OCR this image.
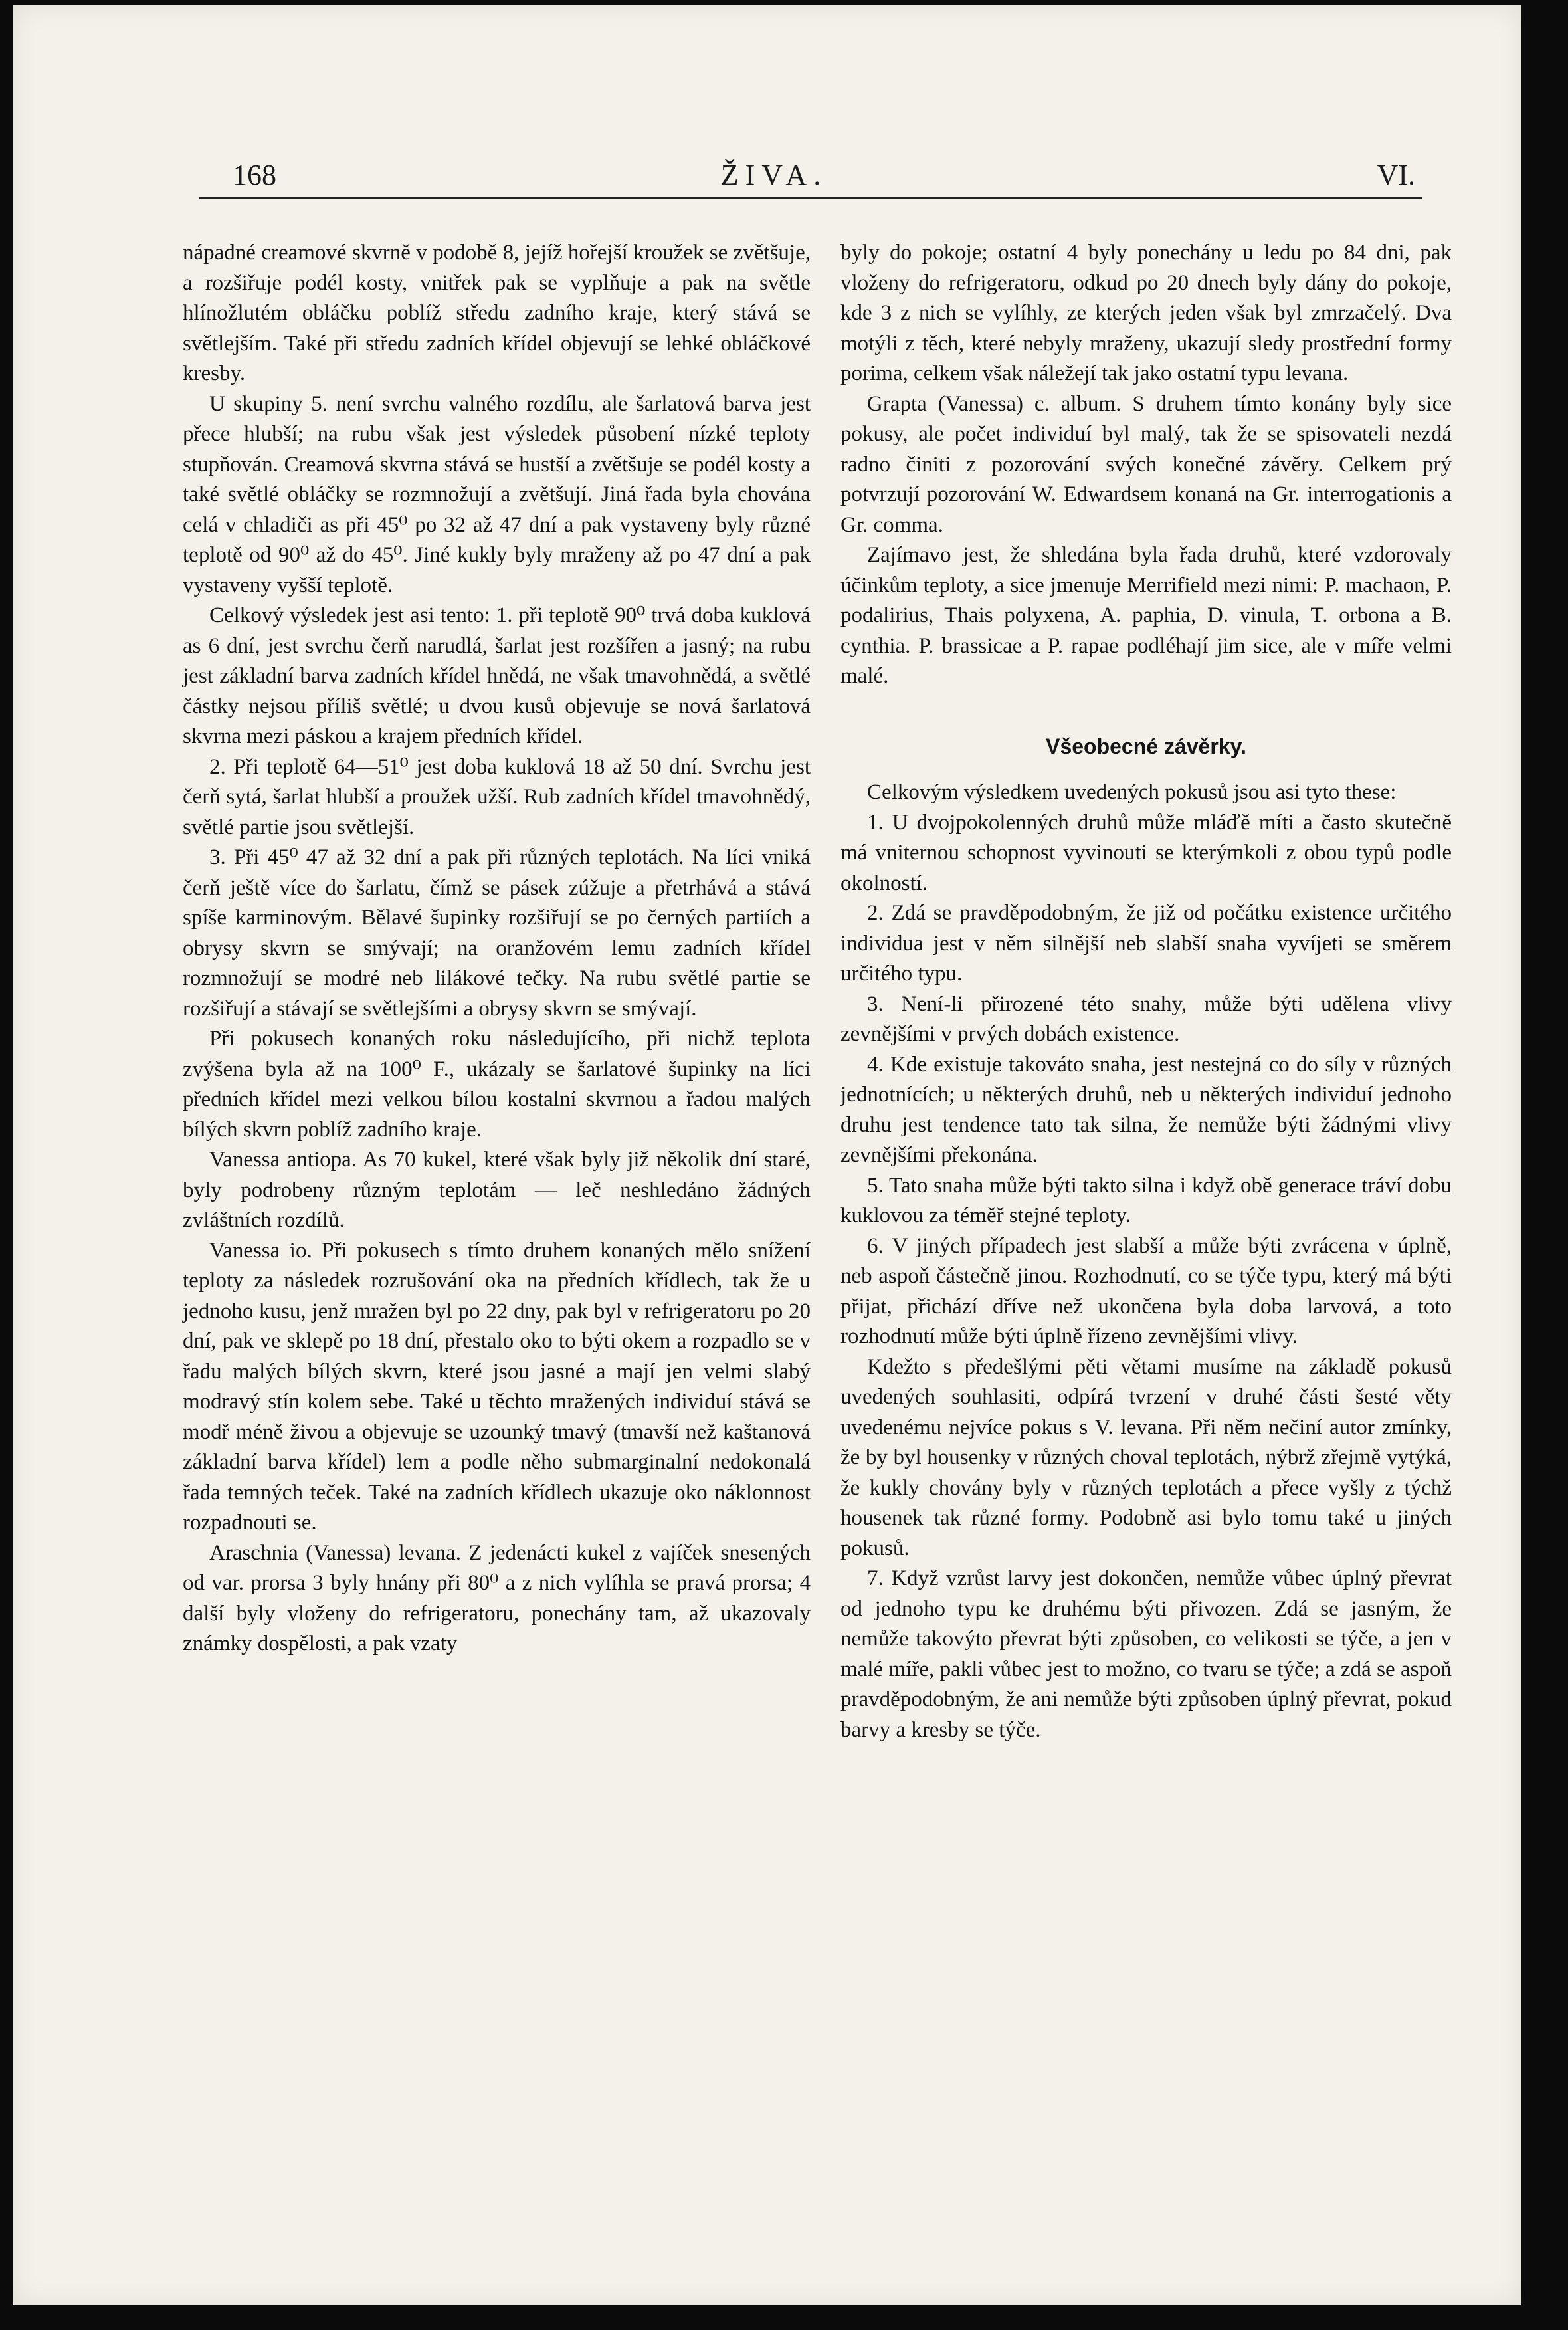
168	ŽIVA.	VI.

nápadné creamové skvrně v podobě 8, jejíž hořejší kroužek se zvětšuje, a rozšiřuje podél kosty, vnitřek pak se vyplňuje a pak na světle hlínožlutém obláčku poblíž středu zadního kraje, který stává se světlejším. Také při středu zadních křídel objevují se lehké obláčkové kresby.

U skupiny 5. není svrchu valného rozdílu, ale šarlatová barva jest přece hlubší; na rubu však jest výsledek působení nízké teploty stupňován. Creamová skvrna stává se hustší a zvětšuje se podél kosty a také světlé obláčky se rozmnožují a zvětšují. Jiná řada byla chována celá v chladiči as při 45⁰ po 32 až 47 dní a pak vystaveny byly různé teplotě od 90⁰ až do 45⁰. Jiné kukly byly mraženy až po 47 dní a pak vystaveny vyšší teplotě.

Celkový výsledek jest asi tento: 1. při teplotě 90⁰ trvá doba kuklová as 6 dní, jest svrchu čerň narudlá, šarlat jest rozšířen a jasný; na rubu jest základní barva zadních křídel hnědá, ne však tmavohnědá, a světlé částky nejsou příliš světlé; u dvou kusů objevuje se nová šarlatová skvrna mezi páskou a krajem předních křídel.

2. Při teplotě 64—51⁰ jest doba kuklová 18 až 50 dní. Svrchu jest čerň sytá, šarlat hlubší a proužek užší. Rub zadních křídel tmavohnědý, světlé partie jsou světlejší.

3. Při 45⁰ 47 až 32 dní a pak při různých teplotách. Na líci vniká čerň ještě více do šarlatu, čímž se pásek zúžuje a přetrhává a stává spíše karminovým. Bělavé šupinky rozšiřují se po černých partiích a obrysy skvrn se smývají; na oranžovém lemu zadních křídel rozmnožují se modré neb lilákové tečky. Na rubu světlé partie se rozšiřují a stávají se světlejšími a obrysy skvrn se smývají.

Při pokusech konaných roku následujícího, při nichž teplota zvýšena byla až na 100⁰ F., ukázaly se šarlatové šupinky na líci předních křídel mezi velkou bílou kostalní skvrnou a řadou malých bílých skvrn poblíž zadního kraje.

Vanessa antiopa. As 70 kukel, které však byly již několik dní staré, byly podrobeny různým teplotám — leč neshledáno žádných zvláštních rozdílů.

Vanessa io. Při pokusech s tímto druhem konaných mělo snížení teploty za následek rozrušování oka na předních křídlech, tak že u jednoho kusu, jenž mražen byl po 22 dny, pak byl v refrigeratoru po 20 dní, pak ve sklepě po 18 dní, přestalo oko to býti okem a rozpadlo se v řadu malých bílých skvrn, které jsou jasné a mají jen velmi slabý modravý stín kolem sebe. Také u těchto mražených individuí stává se modř méně živou a objevuje se uzounký tmavý (tmavší než kaštanová základní barva křídel) lem a podle něho submarginalní nedokonalá řada temných teček. Také na zadních křídlech ukazuje oko náklonnost rozpadnouti se.

Araschnia (Vanessa) levana. Z jedenácti kukel z vajíček snesených od var. prorsa 3 byly hnány při 80⁰ a z nich vylíhla se pravá prorsa; 4 další byly vloženy do refrigeratoru, ponechány tam, až ukazovaly známky dospělosti, a pak vzaty

byly do pokoje; ostatní 4 byly ponechány u ledu po 84 dni, pak vloženy do refrigeratoru, odkud po 20 dnech byly dány do pokoje, kde 3 z nich se vylíhly, ze kterých jeden však byl zmrzačelý. Dva motýli z těch, které nebyly mraženy, ukazují sledy prostřední formy porima, celkem však náležejí tak jako ostatní typu levana.

Grapta (Vanessa) c. album. S druhem tímto konány byly sice pokusy, ale počet individuí byl malý, tak že se spisovateli nezdá radno činiti z pozorování svých konečné závěry. Celkem prý potvrzují pozorování W. Edwardsem konaná na Gr. interrogationis a Gr. comma.

Zajímavo jest, že shledána byla řada druhů, které vzdorovaly účinkům teploty, a sice jmenuje Merrifield mezi nimi: P. machaon, P. podalirius, Thais polyxena, A. paphia, D. vinula, T. orbona a B. cynthia. P. brassicae a P. rapae podléhají jim sice, ale v míře velmi malé.

Všeobecné závěrky.

Celkovým výsledkem uvedených pokusů jsou asi tyto these:

1. U dvojpokolenných druhů může mláďě míti a často skutečně má vniternou schopnost vyvinouti se kterýmkoli z obou typů podle okolností.

2. Zdá se pravděpodobným, že již od počátku existence určitého individua jest v něm silnější neb slabší snaha vyvíjeti se směrem určitého typu.

3. Není-li přirozené této snahy, může býti udělena vlivy zevnějšími v prvých dobách existence.

4. Kde existuje takováto snaha, jest nestejná co do síly v různých jednotnících; u některých druhů, neb u některých individuí jednoho druhu jest tendence tato tak silna, že nemůže býti žádnými vlivy zevnějšími překonána.

5. Tato snaha může býti takto silna i když obě generace tráví dobu kuklovou za téměř stejné teploty.

6. V jiných případech jest slabší a může býti zvrácena v úplně, neb aspoň částečně jinou. Rozhodnutí, co se týče typu, který má býti přijat, přichází dříve než ukončena byla doba larvová, a toto rozhodnutí může býti úplně řízeno zevnějšími vlivy.

Kdežto s předešlými pěti větami musíme na základě pokusů uvedených souhlasiti, odpírá tvrzení v druhé části šesté věty uvedenému nejvíce pokus s V. levana. Při něm nečiní autor zmínky, že by byl housenky v různých choval teplotách, nýbrž zřejmě vytýká, že kukly chovány byly v různých teplotách a přece vyšly z týchž housenek tak různé formy. Podobně asi bylo tomu také u jiných pokusů.

7. Když vzrůst larvy jest dokončen, nemůže vůbec úplný převrat od jednoho typu ke druhému býti přivozen. Zdá se jasným, že nemůže takovýto převrat býti způsoben, co velikosti se týče, a jen v malé míře, pakli vůbec jest to možno, co tvaru se týče; a zdá se aspoň pravděpodobným, že ani nemůže býti způsoben úplný převrat, pokud barvy a kresby se týče.
